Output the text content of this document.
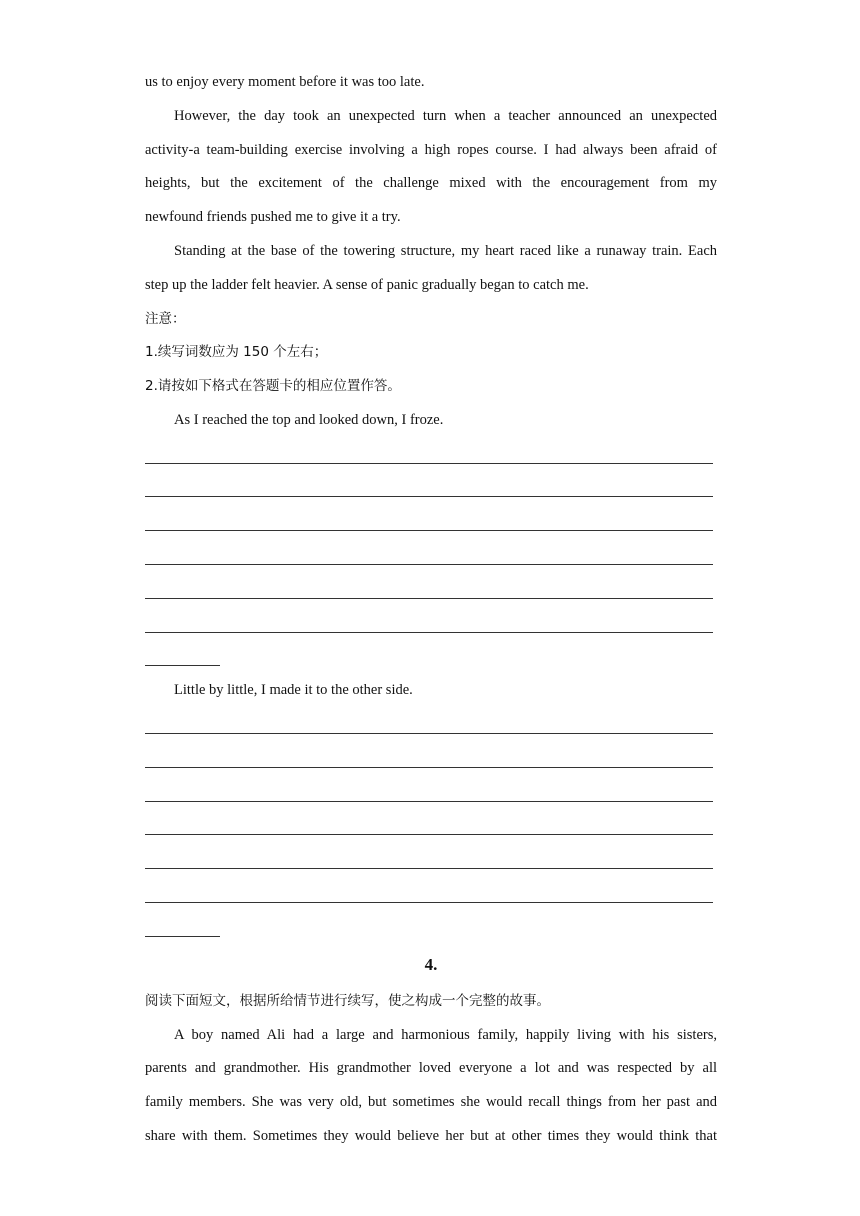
us to enjoy every moment before it was too late.
However, the day took an unexpected turn when a teacher announced an unexpected
activity-a team-building exercise involving a high ropes course. I had always been afraid of
heights, but the excitement of the challenge mixed with the encouragement from my
newfound friends pushed me to give it a try.
Standing at the base of the towering structure, my heart raced like a runaway train. Each
step up the ladder felt heavier. A sense of panic gradually began to catch me.
注意：
1.续写词数应为 150 个左右；
2.请按如下格式在答题卡的相应位置作答。
As I reached the top and looked down, I froze.
Little by little, I made it to the other side.
4.
阅读下面短文，根据所给情节进行续写，使之构成一个完整的故事。
A boy named Ali had a large and harmonious family, happily living with his sisters,
parents and grandmother. His grandmother loved everyone a lot and was respected by all
family members. She was very old, but sometimes she would recall things from her past and
share with them. Sometimes they would believe her but at other times they would think that
